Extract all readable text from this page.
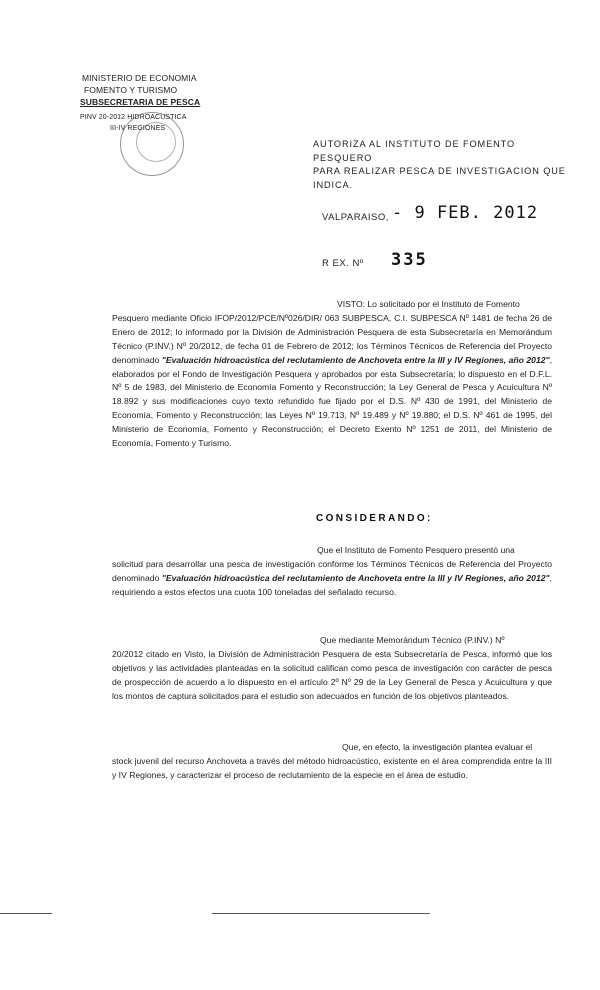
MINISTERIO DE ECONOMIA
FOMENTO Y TURISMO
SUBSECRETARIA DE PESCA
PINV 20-2012 HIDROACUSTICA
III-IV REGIONES
AUTORIZA AL INSTITUTO DE FOMENTO PESQUERO
PARA REALIZAR PESCA DE INVESTIGACION QUE
INDICA.
VALPARAISO, - 9 FEB. 2012
R EX. Nº 335
VISTO: Lo solicitado por el Instituto de Fomento
Pesquero mediante Oficio IFOP/2012/PCE/Nº026/DIR/ 063 SUBPESCA, C.I. SUBPESCA Nº 1481 de fecha 26 de Enero de 2012; lo informado por la División de Administración Pesquera de esta Subsecretaría en Memorándum Técnico (P.INV.) Nº 20/2012, de fecha 01 de Febrero de 2012; los Términos Técnicos de Referencia del Proyecto denominado "Evaluación hidroacústica del reclutamiento de Anchoveta entre la III y IV Regiones, año 2012", elaborados por el Fondo de Investigación Pesquera y aprobados por esta Subsecretaría; lo dispuesto en el D.F.L. Nº 5 de 1983, del Ministerio de Economía Fomento y Reconstrucción; la Ley General de Pesca y Acuicultura Nº 18.892 y sus modificaciones cuyo texto refundido fue fijado por el D.S. Nº 430 de 1991, del Ministerio de Economía, Fomento y Reconstrucción; las Leyes Nº 19.713, Nº 19.489 y Nº 19.880; el D.S. Nº 461 de 1995, del Ministerio de Economía, Fomento y Reconstrucción; el Decreto Exento Nº 1251 de 2011, del Ministerio de Economía, Fomento y Turismo.
CONSIDERANDO:
Que el Instituto de Fomento Pesquero presentó una
solicitud para desarrollar una pesca de investigación conforme los Términos Técnicos de Referencia del Proyecto denominado "Evaluación hidroacústica del reclutamiento de Anchoveta entre la III y IV Regiones, año 2012", requiriendo a estos efectos una cuota 100 toneladas del señalado recurso.
Que mediante Memorándum Técnico (P.INV.) Nº
20/2012 citado en Visto, la División de Administración Pesquera de esta Subsecretaría de Pesca, informó que los objetivos y las actividades planteadas en la solicitud califican como pesca de investigación con carácter de pesca de prospección de acuerdo a lo dispuesto en el artículo 2º Nº 29 de la Ley General de Pesca y Acuicultura y que los montos de captura solicitados para el estudio son adecuados en función de los objetivos planteados.
Que, en efecto, la investigación plantea evaluar el
stock juvenil del recurso Anchoveta a través del método hidroacústico, existente en el área comprendida entre la III y IV Regiones, y caracterizar el proceso de reclutamiento de la especie en el área de estudio.
